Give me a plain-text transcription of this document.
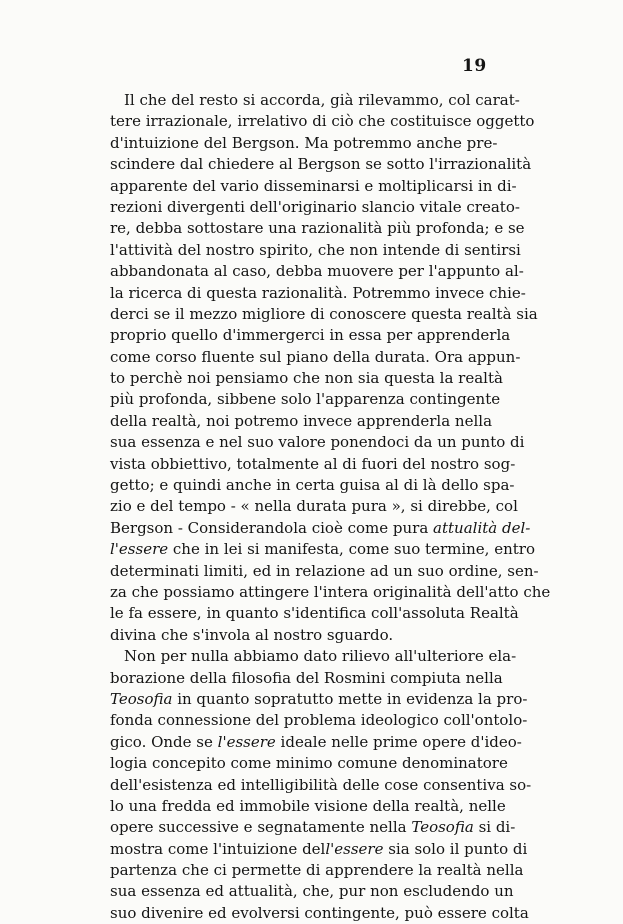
19
Il che del resto si accorda, già rilevammo, col carat-
tere irrazionale, irrelativo di ciò che costituisce oggetto
d'intuizione del Bergson. Ma potremmo anche pre-
scindere dal chiedere al Bergson se sotto l'irrazionalità
apparente del vario disseminarsi e moltiplicarsi in di-
rezioni divergenti dell'originario slancio vitale creato-
re, debba sottostare una razionalità più profonda; e se
l'attività del nostro spirito, che non intende di sentirsi
abbandonata al caso, debba muovere per l'appunto al-
la ricerca di questa razionalità. Potremmo invece chie-
derci se il mezzo migliore di conoscere questa realtà sia
proprio quello d'immergerci in essa per apprenderla
come corso fluente sul piano della durata. Ora appun-
to perchè noi pensiamo che non sia questa la realtà
più profonda, sibbene solo l'apparenza contingente
della realtà, noi potremo invece apprenderla nella
sua essenza e nel suo valore ponendoci da un punto di
vista obbiettivo, totalmente al di fuori del nostro sog-
getto; e quindi anche in certa guisa al di là dello spa-
zio e del tempo - « nella durata pura », si direbbe, col
Bergson - Considerandola cioè come pura attualità del-
l'essere che in lei si manifesta, come suo termine, entro
determinati limiti, ed in relazione ad un suo ordine, sen-
za che possiamo attingere l'intera originalità dell'atto che
le fa essere, in quanto s'identifica coll'assoluta Realtà
divina che s'invola al nostro sguardo.
Non per nulla abbiamo dato rilievo all'ulteriore ela-
borazione della filosofia del Rosmini compiuta nella
Teosofia in quanto sopratutto mette in evidenza la pro-
fonda connessione del problema ideologico coll'ontolo-
gico. Onde se l'essere ideale nelle prime opere d'ideo-
logia concepito come minimo comune denominatore
dell'esistenza ed intelligibilità delle cose consentiva so-
lo una fredda ed immobile visione della realtà, nelle
opere successive e segnatamente nella Teosofia si di-
mostra come l'intuizione dell'essere sia solo il punto di
partenza che ci permette di apprendere la realtà nella
sua essenza ed attualità, che, pur non escludendo un
suo divenire ed evolversi contingente, può essere colta
